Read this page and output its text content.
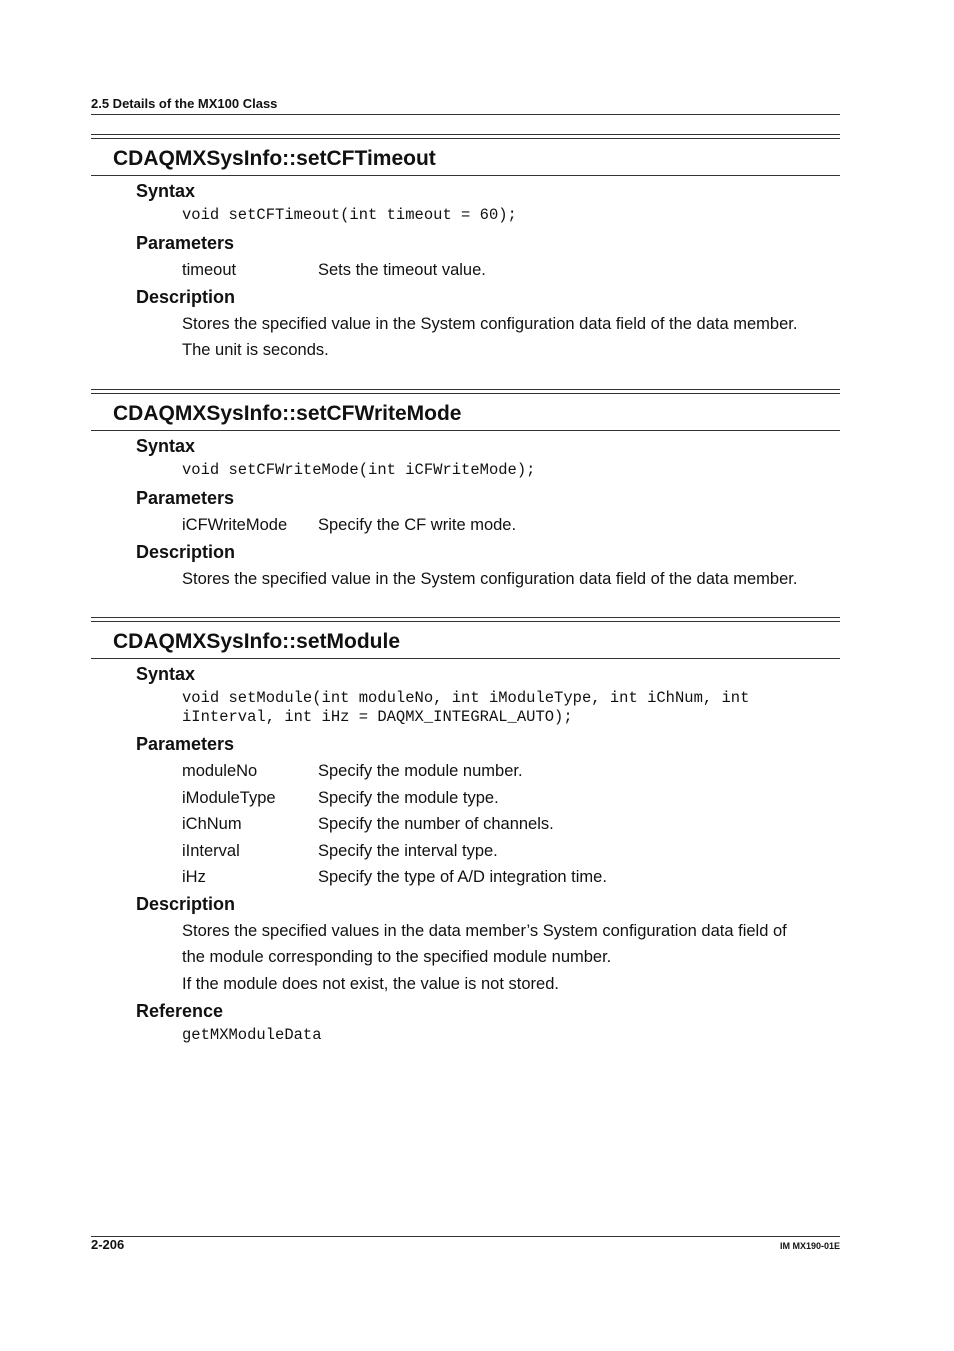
2.5 Details of the MX100 Class
CDAQMXSysInfo::setCFTimeout
Syntax
void setCFTimeout(int timeout = 60);
Parameters
timeout	Sets the timeout value.
Description
Stores the specified value in the System configuration data field of the data member.
The unit is seconds.
CDAQMXSysInfo::setCFWriteMode
Syntax
void setCFWriteMode(int iCFWriteMode);
Parameters
iCFWriteMode	Specify the CF write mode.
Description
Stores the specified value in the System configuration data field of the data member.
CDAQMXSysInfo::setModule
Syntax
void setModule(int moduleNo, int iModuleType, int iChNum, int
iInterval, int iHz = DAQMX_INTEGRAL_AUTO);
Parameters
moduleNo	Specify the module number.
iModuleType	Specify the module type.
iChNum	Specify the number of channels.
iInterval	Specify the interval type.
iHz	Specify the type of A/D integration time.
Description
Stores the specified values in the data member’s System configuration data field of
the module corresponding to the specified module number.
If the module does not exist, the value is not stored.
Reference
getMXModuleData
2-206	IM MX190-01E
